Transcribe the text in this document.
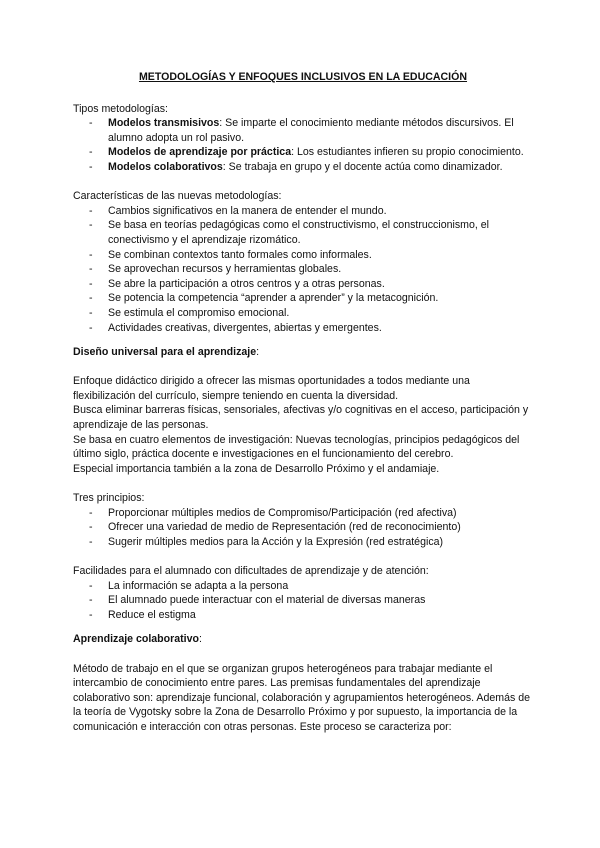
METODOLOGÍAS Y ENFOQUES INCLUSIVOS EN LA EDUCACIÓN

Tipos metodologías:

- Modelos transmisivos: Se imparte el conocimiento mediante métodos discursivos. El alumno adopta un rol pasivo.
- Modelos de aprendizaje por práctica: Los estudiantes infieren su propio conocimiento.
- Modelos colaborativos: Se trabaja en grupo y el docente actúa como dinamizador.

Características de las nuevas metodologías:

- Cambios significativos en la manera de entender el mundo.
- Se basa en teorías pedagógicas como el constructivismo, el construccionismo, el conectivismo y el aprendizaje rizomático.
- Se combinan contextos tanto formales como informales.
- Se aprovechan recursos y herramientas globales.
- Se abre la participación a otros centros y a otras personas.
- Se potencia la competencia “aprender a aprender” y la metacognición.
- Se estimula el compromiso emocional.
- Actividades creativas, divergentes, abiertas y emergentes.

Diseño universal para el aprendizaje:

Enfoque didáctico dirigido a ofrecer las mismas oportunidades a todos mediante una flexibilización del currículo, siempre teniendo en cuenta la diversidad.

Busca eliminar barreras físicas, sensoriales, afectivas y/o cognitivas en el acceso, participación y aprendizaje de las personas.

Se basa en cuatro elementos de investigación: Nuevas tecnologías, principios pedagógicos del último siglo, práctica docente e investigaciones en el funcionamiento del cerebro.

Especial importancia también a la zona de Desarrollo Próximo y el andamiaje.

Tres principios:

- Proporcionar múltiples medios de Compromiso/Participación (red afectiva)
- Ofrecer una variedad de medio de Representación (red de reconocimiento)
- Sugerir múltiples medios para la Acción y la Expresión (red estratégica)

Facilidades para el alumnado con dificultades de aprendizaje y de atención:

- La información se adapta a la persona
- El alumnado puede interactuar con el material de diversas maneras
- Reduce el estigma

Aprendizaje colaborativo:

Método de trabajo en el que se organizan grupos heterogéneos para trabajar mediante el intercambio de conocimiento entre pares. Las premisas fundamentales del aprendizaje colaborativo son: aprendizaje funcional, colaboración y agrupamientos heterogéneos. Además de la teoría de Vygotsky sobre la Zona de Desarrollo Próximo y por supuesto, la importancia de la comunicación e interacción con otras personas. Este proceso se caracteriza por:
